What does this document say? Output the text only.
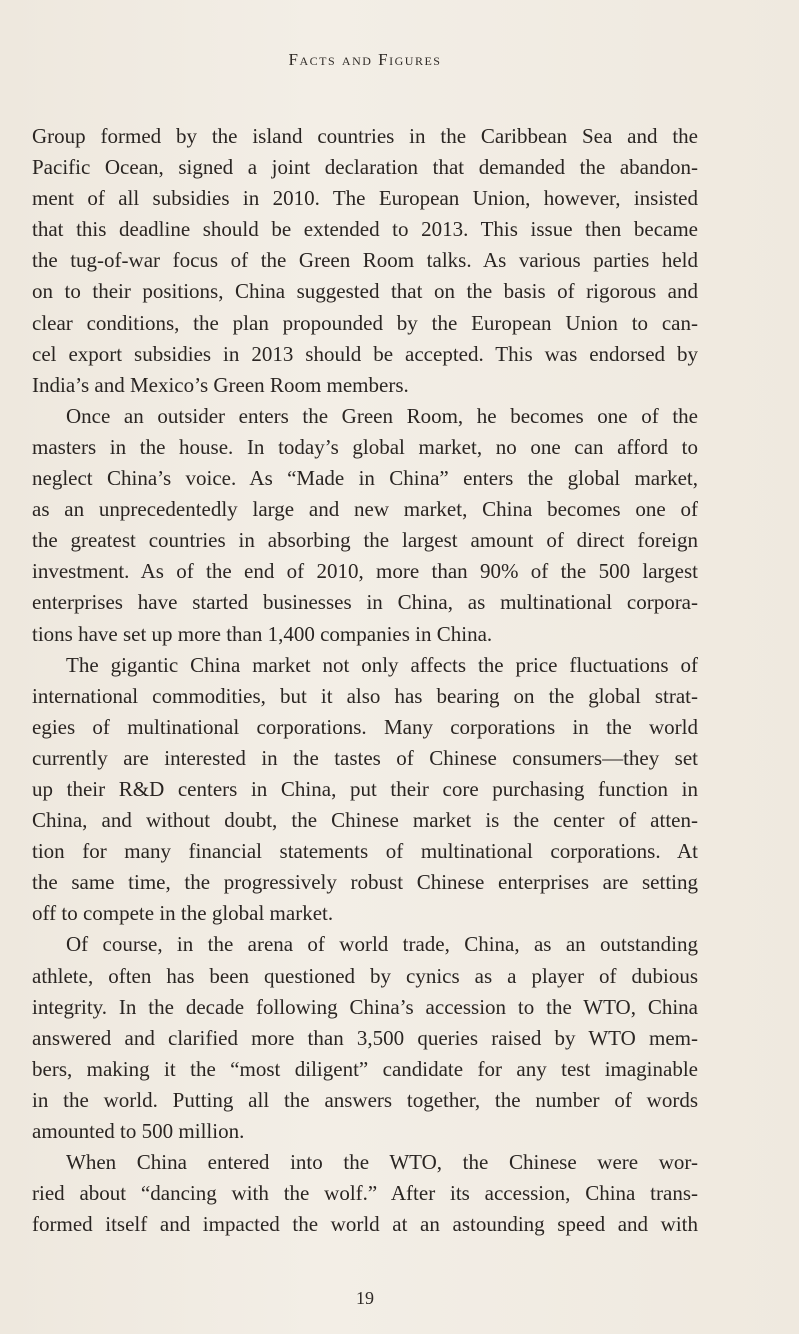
Facts and Figures

Group formed by the island countries in the Caribbean Sea and the
Pacific Ocean, signed a joint declaration that demanded the abandon-
ment of all subsidies in 2010. The European Union, however, insisted
that this deadline should be extended to 2013. This issue then became
the tug-of-war focus of the Green Room talks. As various parties held
on to their positions, China suggested that on the basis of rigorous and
clear conditions, the plan propounded by the European Union to can-
cel export subsidies in 2013 should be accepted. This was endorsed by
India’s and Mexico’s Green Room members.

Once an outsider enters the Green Room, he becomes one of the
masters in the house. In today’s global market, no one can afford to
neglect China’s voice. As “Made in China” enters the global market,
as an unprecedentedly large and new market, China becomes one of
the greatest countries in absorbing the largest amount of direct foreign
investment. As of the end of 2010, more than 90% of the 500 largest
enterprises have started businesses in China, as multinational corpora-
tions have set up more than 1,400 companies in China.

The gigantic China market not only affects the price fluctuations of
international commodities, but it also has bearing on the global strat-
egies of multinational corporations. Many corporations in the world
currently are interested in the tastes of Chinese consumers—they set
up their R&D centers in China, put their core purchasing function in
China, and without doubt, the Chinese market is the center of atten-
tion for many financial statements of multinational corporations. At
the same time, the progressively robust Chinese enterprises are setting
off to compete in the global market.

Of course, in the arena of world trade, China, as an outstanding
athlete, often has been questioned by cynics as a player of dubious
integrity. In the decade following China’s accession to the WTO, China
answered and clarified more than 3,500 queries raised by WTO mem-
bers, making it the “most diligent” candidate for any test imaginable
in the world. Putting all the answers together, the number of words
amounted to 500 million.

When China entered into the WTO, the Chinese were wor-
ried about “dancing with the wolf.” After its accession, China trans-
formed itself and impacted the world at an astounding speed and with

19
